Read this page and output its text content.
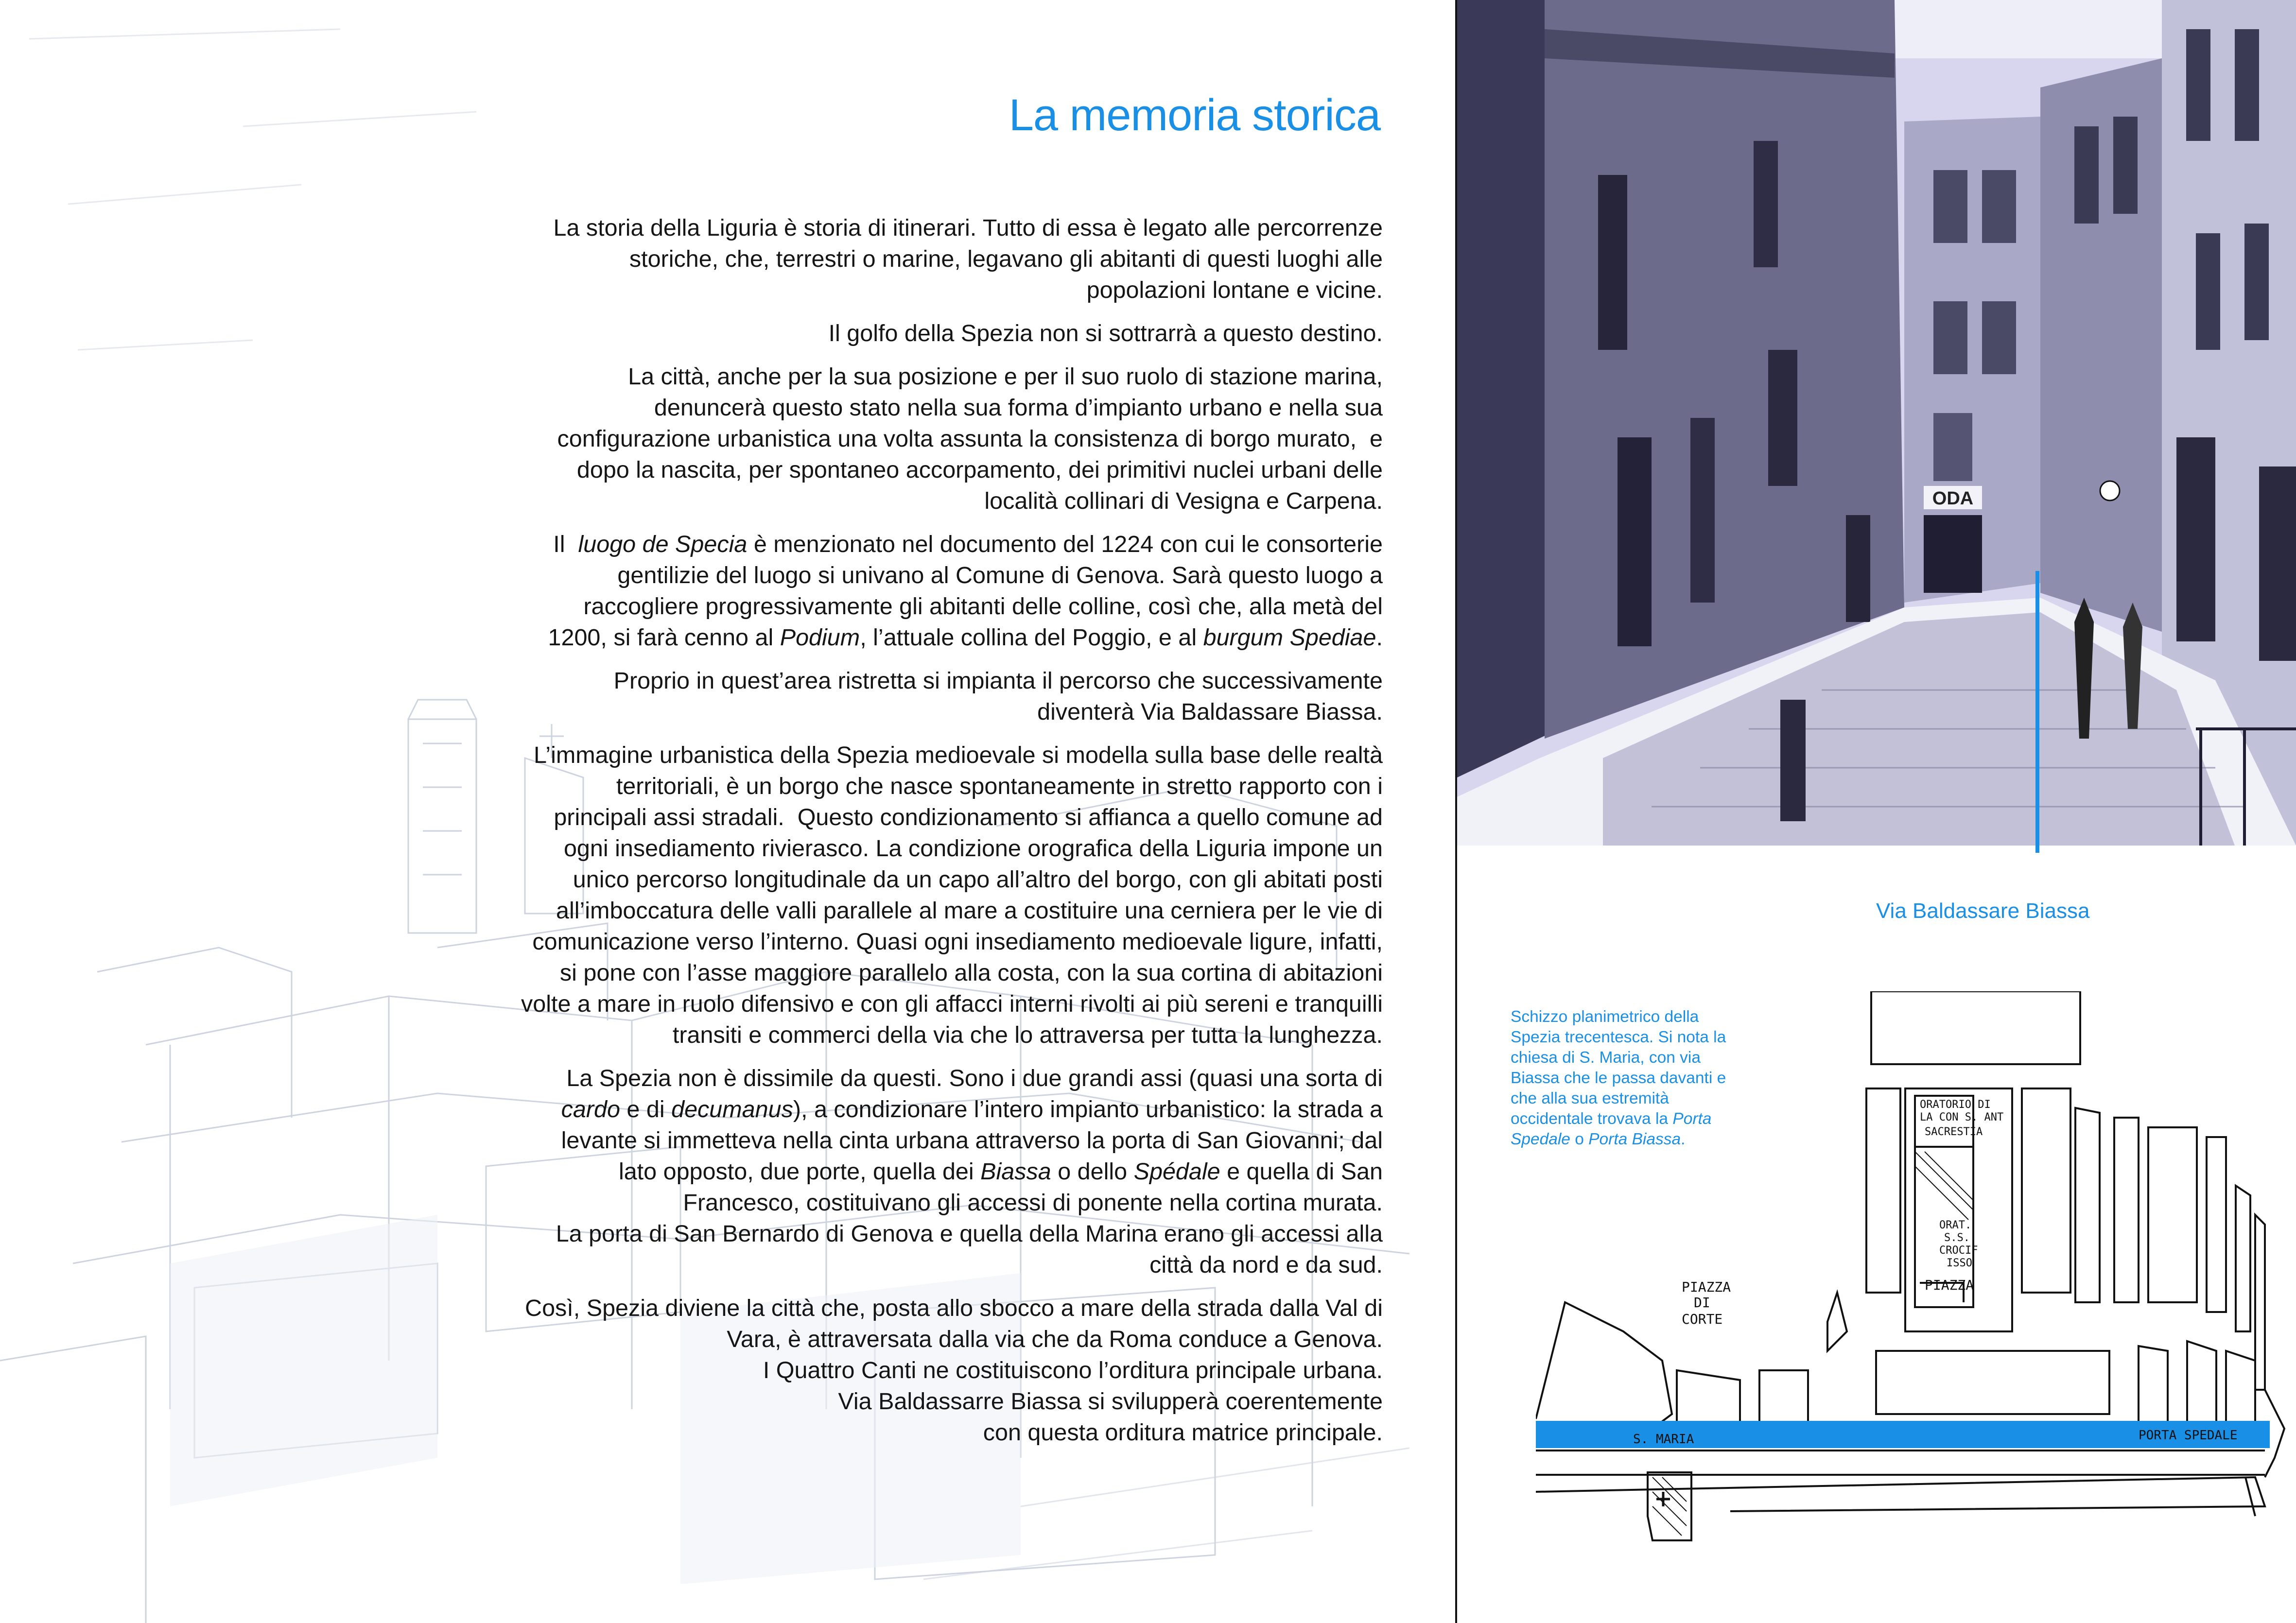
La memoria storica

La storia della Liguria è storia di itinerari. Tutto di essa è legato alle percorrenze
storiche, che, terrestri o marine, legavano gli abitanti di questi luoghi alle
popolazioni lontane e vicine.

Il golfo della Spezia non si sottrarrà a questo destino.

La città, anche per la sua posizione e per il suo ruolo di stazione marina,
denuncerà questo stato nella sua forma d’impianto urbano e nella sua
configurazione urbanistica una volta assunta la consistenza di borgo murato,  e
dopo la nascita, per spontaneo accorpamento, dei primitivi nuclei urbani delle
località collinari di Vesigna e Carpena.

Il  luogo de Specia è menzionato nel documento del 1224 con cui le consorterie
gentilizie del luogo si univano al Comune di Genova. Sarà questo luogo a
raccogliere progressivamente gli abitanti delle colline, così che, alla metà del
1200, si farà cenno al Podium, l’attuale collina del Poggio, e al burgum Spediae.

Proprio in quest’area ristretta si impianta il percorso che successivamente
diventerà Via Baldassare Biassa.

L’immagine urbanistica della Spezia medioevale si modella sulla base delle realtà
territoriali, è un borgo che nasce spontaneamente in stretto rapporto con i
principali assi stradali.  Questo condizionamento si affianca a quello comune ad
ogni insediamento rivierasco. La condizione orografica della Liguria impone un
unico percorso longitudinale da un capo all’altro del borgo, con gli abitati posti
all’imboccatura delle valli parallele al mare a costituire una cerniera per le vie di
comunicazione verso l’interno. Quasi ogni insediamento medioevale ligure, infatti,
si pone con l’asse maggiore parallelo alla costa, con la sua cortina di abitazioni
volte a mare in ruolo difensivo e con gli affacci interni rivolti ai più sereni e tranquilli
transiti e commerci della via che lo attraversa per tutta la lunghezza.

La Spezia non è dissimile da questi. Sono i due grandi assi (quasi una sorta di
cardo e di decumanus), a condizionare l’intero impianto urbanistico: la strada a
levante si immetteva nella cinta urbana attraverso la porta di San Giovanni; dal
lato opposto, due porte, quella dei Biassa o dello Spédale e quella di San
Francesco, costituivano gli accessi di ponente nella cortina murata.
La porta di San Bernardo di Genova e quella della Marina erano gli accessi alla
città da nord e da sud.

Così, Spezia diviene la città che, posta allo sbocco a mare della strada dalla Val di
Vara, è attraversata dalla via che da Roma conduce a Genova.
I Quattro Canti ne costituiscono l’orditura principale urbana.
Via Baldassarre Biassa si svilupperà coerentemente
con questa orditura matrice principale.

ODA
Via Baldassare Biassa
Schizzo planimetrico della
Spezia trecentesca. Si nota la
chiesa di S. Maria, con via
Biassa che le passa davanti e
che alla sua estremità
occidentale trovava la Porta
Spedale o Porta Biassa.
PIAZZA
DI
CORTE
PIAZZA
ORATORIO DI
LA CON S. ANT
SACRESTIA
ORAT.
S.S.
CROCIF
ISSO
S. MARIA	PORTA SPEDALE
